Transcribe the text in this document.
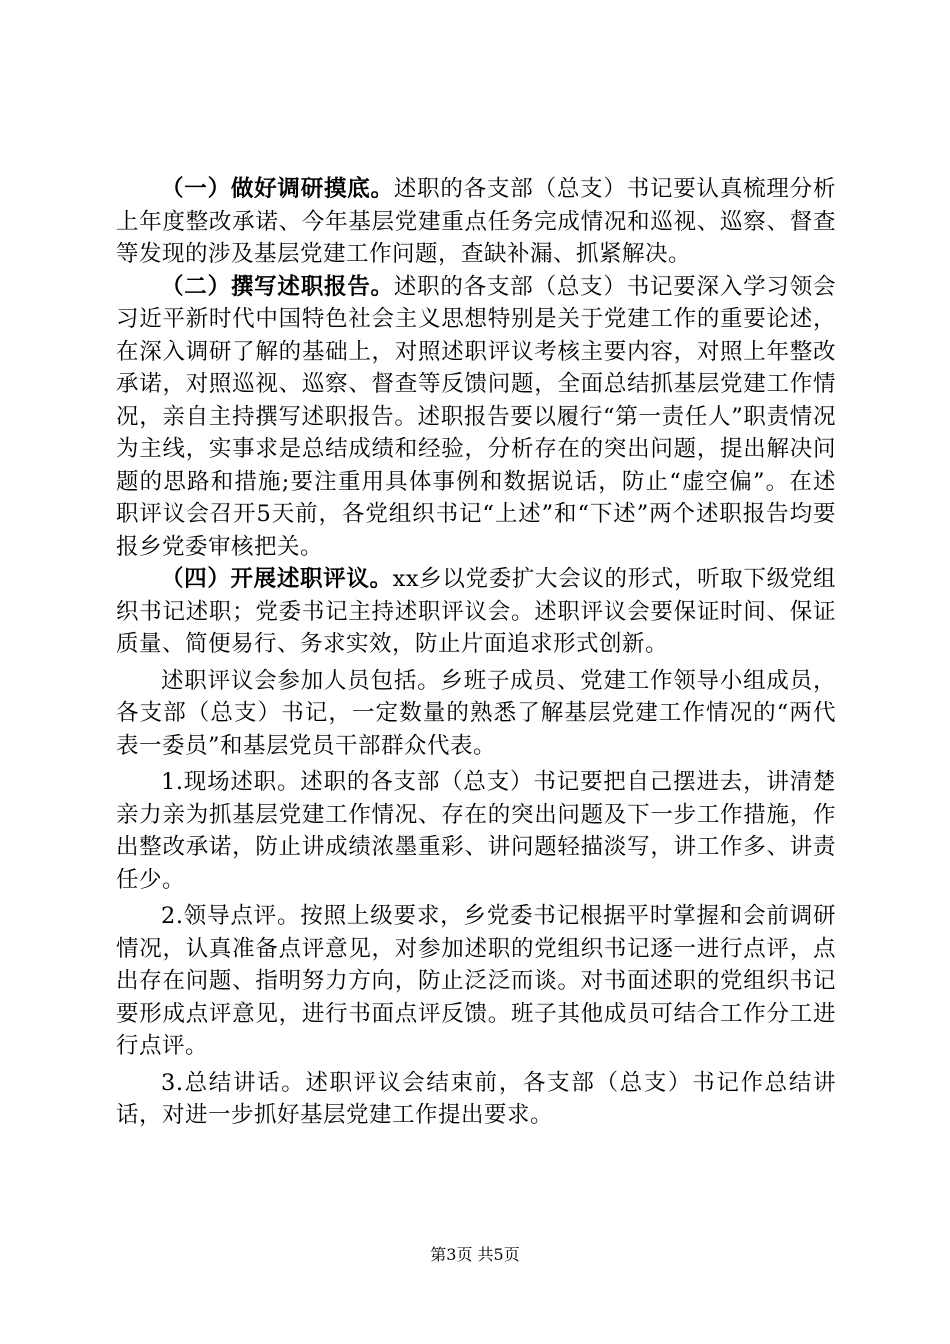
（一）做好调研摸底。述职的各支部（总支）书记要认真梳理分析上年度整改承诺、今年基层党建重点任务完成情况和巡视、巡察、督查等发现的涉及基层党建工作问题，查缺补漏、抓紧解决。

（二）撰写述职报告。述职的各支部（总支）书记要深入学习领会习近平新时代中国特色社会主义思想特别是关于党建工作的重要论述，在深入调研了解的基础上，对照述职评议考核主要内容，对照上年整改承诺，对照巡视、巡察、督查等反馈问题，全面总结抓基层党建工作情况，亲自主持撰写述职报告。述职报告要以履行“第一责任人”职责情况为主线，实事求是总结成绩和经验，分析存在的突出问题，提出解决问题的思路和措施;要注重用具体事例和数据说话，防止“虚空偏”。在述职评议会召开5天前，各党组织书记“上述”和“下述”两个述职报告均要报乡党委审核把关。

（四）开展述职评议。xx乡以党委扩大会议的形式，听取下级党组织书记述职；党委书记主持述职评议会。述职评议会要保证时间、保证质量、简便易行、务求实效，防止片面追求形式创新。

述职评议会参加人员包括。乡班子成员、党建工作领导小组成员，各支部（总支）书记，一定数量的熟悉了解基层党建工作情况的“两代表一委员”和基层党员干部群众代表。

1.现场述职。述职的各支部（总支）书记要把自己摆进去，讲清楚亲力亲为抓基层党建工作情况、存在的突出问题及下一步工作措施，作出整改承诺，防止讲成绩浓墨重彩、讲问题轻描淡写，讲工作多、讲责任少。

2.领导点评。按照上级要求，乡党委书记根据平时掌握和会前调研情况，认真准备点评意见，对参加述职的党组织书记逐一进行点评，点出存在问题、指明努力方向，防止泛泛而谈。对书面述职的党组织书记要形成点评意见，进行书面点评反馈。班子其他成员可结合工作分工进行点评。

3.总结讲话。述职评议会结束前，各支部（总支）书记作总结讲话，对进一步抓好基层党建工作提出要求。

第3页 共5页
